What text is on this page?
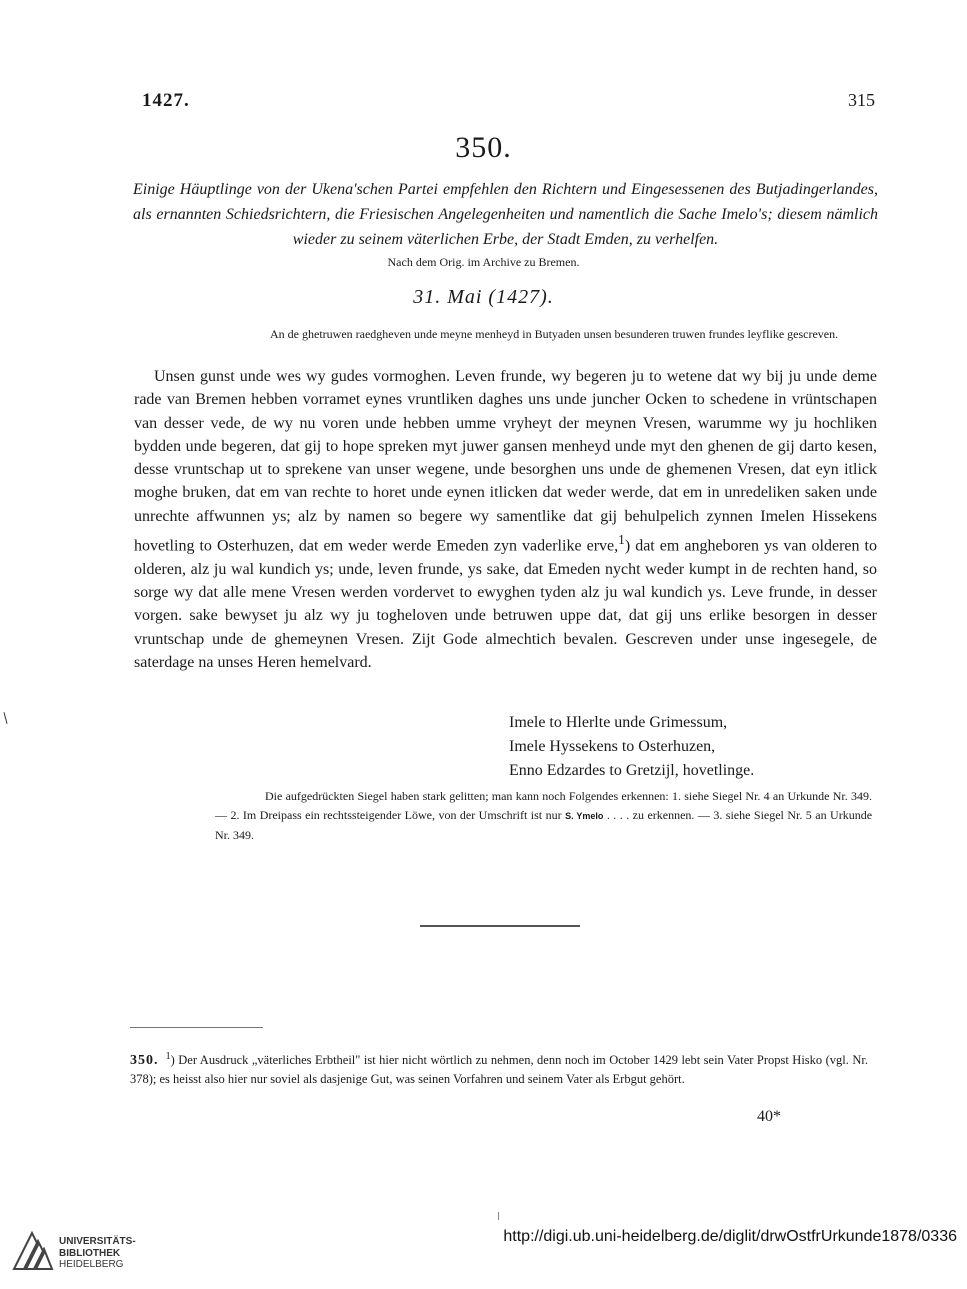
1427.	315
350.
Einige Häuptlinge von der Ukena'schen Partei empfehlen den Richtern und Eingesessenen des Butjadingerlandes, als ernannten Schiedsrichtern, die Friesischen Angelegenheiten und namentlich die Sache Imelo's; diesem nämlich wieder zu seinem väterlichen Erbe, der Stadt Emden, zu verhelfen.
Nach dem Orig. im Archive zu Bremen.
31. Mai (1427).
An de ghetruwen raedgheven unde meyne menheyd in Butyaden unsen besunderen truwen frundes leyflike gescreven.
Unsen gunst unde wes wy gudes vormoghen. Leven frunde, wy begeren ju to wetene dat wy bij ju unde deme rade van Bremen hebben vorramet eynes vruntliken daghes uns unde juncher Ocken to schedene in vrüntschapen van desser vede, de wy nu voren unde hebben umme vryheyt der meynen Vresen, warumme wy ju hochliken bydden unde begeren, dat gij to hope spreken myt juwer gansen menheyd unde myt den ghenen de gij darto kesen, desse vruntschap ut to sprekene van unser wegene, unde besorghen uns unde de ghemenen Vresen, dat eyn itlick moghe bruken, dat em van rechte to horet unde eynen itlicken dat weder werde, dat em in unredeliken saken unde unrechte affwunnen ys; alz by namen so begere wy samentlike dat gij behulpelich zynnen Imelen Hissekens hovetling to Osterhuzen, dat em weder werde Emeden zyn vaderlike erve,$^1$) dat em angheboren ys van olderen to olderen, alz ju wal kundich ys; unde, leven frunde, ys sake, dat Emeden nycht weder kumpt in de rechten hand, so sorge wy dat alle mene Vresen werden vordervet to ewyghen tyden alz ju wal kundich ys. Leve frunde, in desser vorgen. sake bewyset ju alz wy ju togheloven unde betruwen uppe dat, dat gij uns erlike besorgen in desser vruntschap unde de ghemeynen Vresen. Zijt Gode almechtich bevalen. Gescreven under unse ingesegele, de saterdage na unses Heren hemelvard.
Imele to Hlerlte unde Grimessum,
Imele Hyssekens to Osterhuzen,
Enno Edzardes to Gretzijl, hovetlinge.
Die aufgedrückten Siegel haben stark gelitten; man kann noch Folgendes erkennen: 1. siehe Siegel Nr. 4 an Urkunde Nr. 349. — 2. Im Dreipass ein rechtssteigender Löwe, von der Umschrift ist nur S. Ymelo . . . . zu erkennen. — 3. siehe Siegel Nr. 5 an Urkunde Nr. 349.
350. $^1$) Der Ausdruck „väterliches Erbtheil" ist hier nicht wörtlich zu nehmen, denn noch im October 1429 lebt sein Vater Propst Hisko (vgl. Nr. 378); es heisst also hier nur soviel als dasjenige Gut, was seinen Vorfahren und seinem Vater als Erbgut gehört.
40*
UNIVERSITÄTS-
BIBLIOTHEK
HEIDELBERG
http://digi.ub.uni-heidelberg.de/diglit/drwOstfrUrkunde1878/0336
